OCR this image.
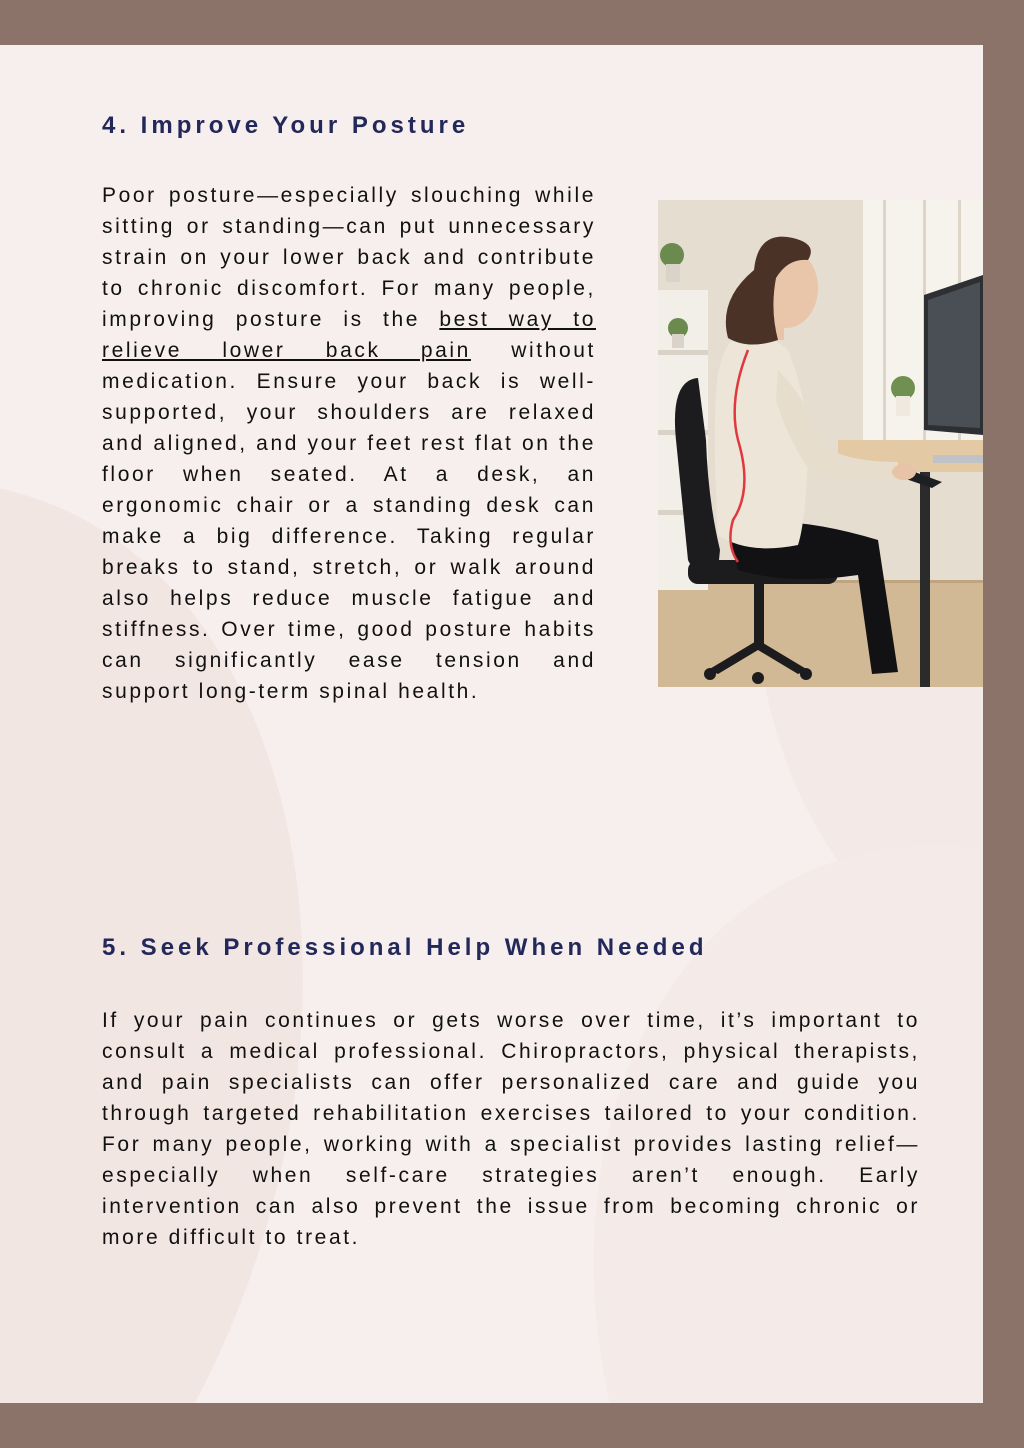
4. Improve Your Posture

Poor posture—especially slouching while sitting or standing—can put unnecessary strain on your lower back and contribute to chronic discomfort. For many people, improving posture is the best way to relieve lower back pain without medication. Ensure your back is well-supported, your shoulders are relaxed and aligned, and your feet rest flat on the floor when seated. At a desk, an ergonomic chair or a standing desk can make a big difference. Taking regular breaks to stand, stretch, or walk around also helps reduce muscle fatigue and stiffness. Over time, good posture habits can significantly ease tension and support long-term spinal health.

5. Seek Professional Help When Needed

If your pain continues or gets worse over time, it’s important to consult a medical professional. Chiropractors, physical therapists, and pain specialists can offer personalized care and guide you through targeted rehabilitation exercises tailored to your condition. For many people, working with a specialist provides lasting relief—especially when self-care strategies aren’t enough. Early intervention can also prevent the issue from becoming chronic or more difficult to treat.
